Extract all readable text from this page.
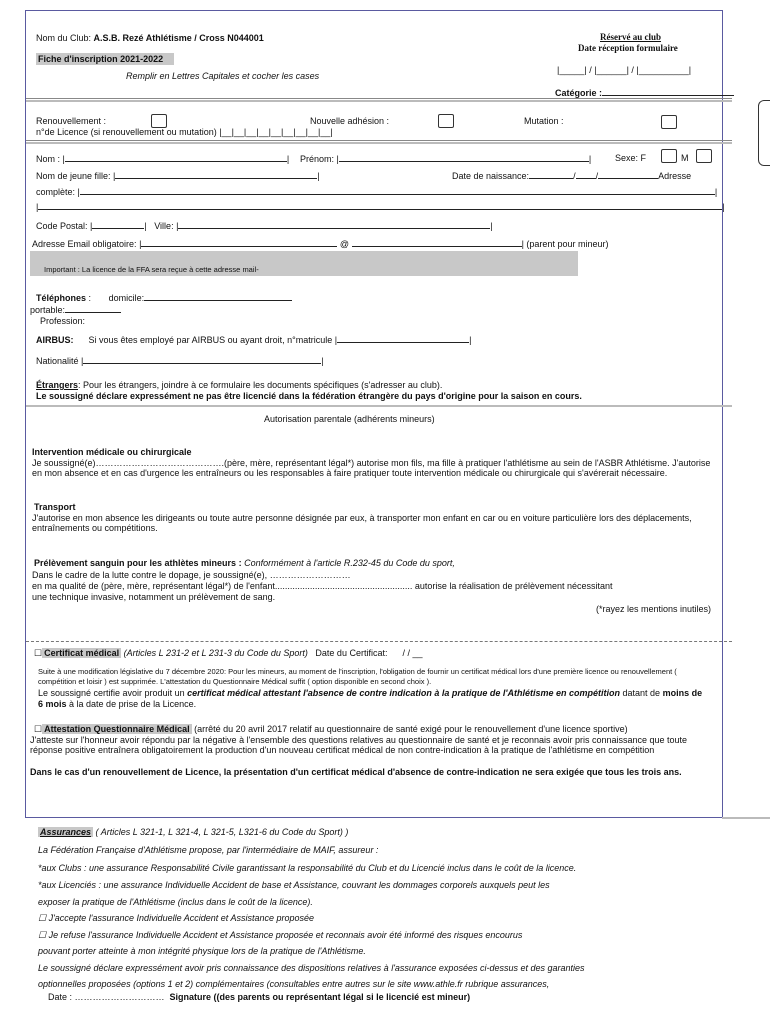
Nom du Club: A.S.B. Rezé Athlétisme / Cross N044001	Réservé au club
Date réception formulaire
Fiche d'inscription 2021-2022
Remplir en Lettres Capitales et cocher les cases
|_____| / |______| / |__________|
Catégorie :
Renouvellement :	Nouvelle adhésion :	Mutation :
n°de Licence (si renouvellement ou mutation) |__|__|__|__|__|__|__|__|__|
Nom : |	| Prénom: |	|	Sexe: F	M
Nom de jeune fille: |	|	Date de naissance:	/ /	Adresse
complète: |	|
|	|
Code Postal: |	|   Ville: |	|
Adresse Email obligatoire: |	@	| (parent pour mineur)
Important : La licence de la FFA sera reçue à cette adresse mail-
Téléphones : domicile:
portable:
Profession:
AIRBUS: Si vous êtes employé par AIRBUS ou ayant droit, n°matricule |	|
Nationalité |	|
Étrangers: Pour les étrangers, joindre à ce formulaire les documents spécifiques (s'adresser au club).
Le soussigné déclare expressément ne pas être licencié dans la fédération étrangère du pays d'origine pour la saison en cours.
Autorisation parentale (adhérents mineurs)
Intervention médicale ou chirurgicale
Je soussigné(e)…………………………………….(père, mère, représentant légal*) autorise mon fils, ma fille à pratiquer l'athlétisme au sein de l'ASBR Athlétisme. J'autorise en mon absence et en cas d'urgence les entraîneurs ou les responsables à faire pratiquer toute intervention médicale ou chirurgicale qui s'avérerait nécessaire.
Transport
J'autorise en mon absence les dirigeants ou toute autre personne désignée par eux, à transporter mon enfant en car ou en voiture particulière lors des déplacements, entraînements ou compétitions.
Prélèvement sanguin pour les athlètes mineurs : Conformément à l'article R.232-45 du Code du sport,
Dans le cadre de la lutte contre le dopage, je soussigné(e), ………………………
en ma qualité de (père, mère, représentant légal*) de l'enfant....................................................... autorise la réalisation de prélèvement nécessitant
une technique invasive, notamment un prélèvement de sang.
(*rayez les mentions inutiles)
☐ Certificat médical (Articles L 231-2 et L 231-3 du Code du Sport) Date du Certificat: / / __
Suite à une modification législative du 7 décembre 2020: Pour les mineurs, au moment de l'inscription, l'obligation de fournir un certificat médical lors d'une première licence ou renouvellement ( compétition et loisir ) est supprimée. L'attestation du Questionnaire Médical suffit ( option disponible en second choix ).
Le soussigné certifie avoir produit un certificat médical attestant l'absence de contre indication à la pratique de l'Athlétisme en compétition datant de moins de 6 mois à la date de prise de la Licence.
☐ Attestation Questionnaire Médical (arrêté du 20 avril 2017 relatif au questionnaire de santé exigé pour le renouvellement d'une licence sportive)
J'atteste sur l'honneur avoir répondu par la négative à l'ensemble des questions relatives au questionnaire de santé et je reconnais avoir pris connaissance que toute réponse positive entraînera obligatoirement la production d'un nouveau certificat médical de non contre-indication à la pratique de l'athlétisme en compétition
Dans le cas d'un renouvellement de Licence, la présentation d'un certificat médical d'absence de contre-indication ne sera exigée que tous les trois ans.
Assurances ( Articles L 321-1, L 321-4, L 321-5, L321-6 du Code du Sport) )
La Fédération Française d'Athlétisme propose, par l'intermédiaire de MAIF, assureur :
*aux Clubs : une assurance Responsabilité Civile garantissant la responsabilité du Club et du Licencié inclus dans le coût de la licence.
*aux Licenciés : une assurance Individuelle Accident de base et Assistance, couvrant les dommages corporels auxquels peut les
exposer la pratique de l'Athlétisme (inclus dans le coût de la licence).
☐ J'accepte l'assurance Individuelle Accident et Assistance proposée
☐ Je refuse l'assurance Individuelle Accident et Assistance proposée et reconnais avoir été informé des risques encourus
pouvant porter atteinte à mon intégrité physique lors de la pratique de l'Athlétisme.
Le soussigné déclare expressément avoir pris connaissance des dispositions relatives à l'assurance exposées ci-dessus et des garanties
optionnelles proposées (options 1 et 2) complémentaires (consultables entre autres sur le site www.athle.fr rubrique assurances,
Date : ………………………… Signature ((des parents ou représentant légal si le licencié est mineur)
